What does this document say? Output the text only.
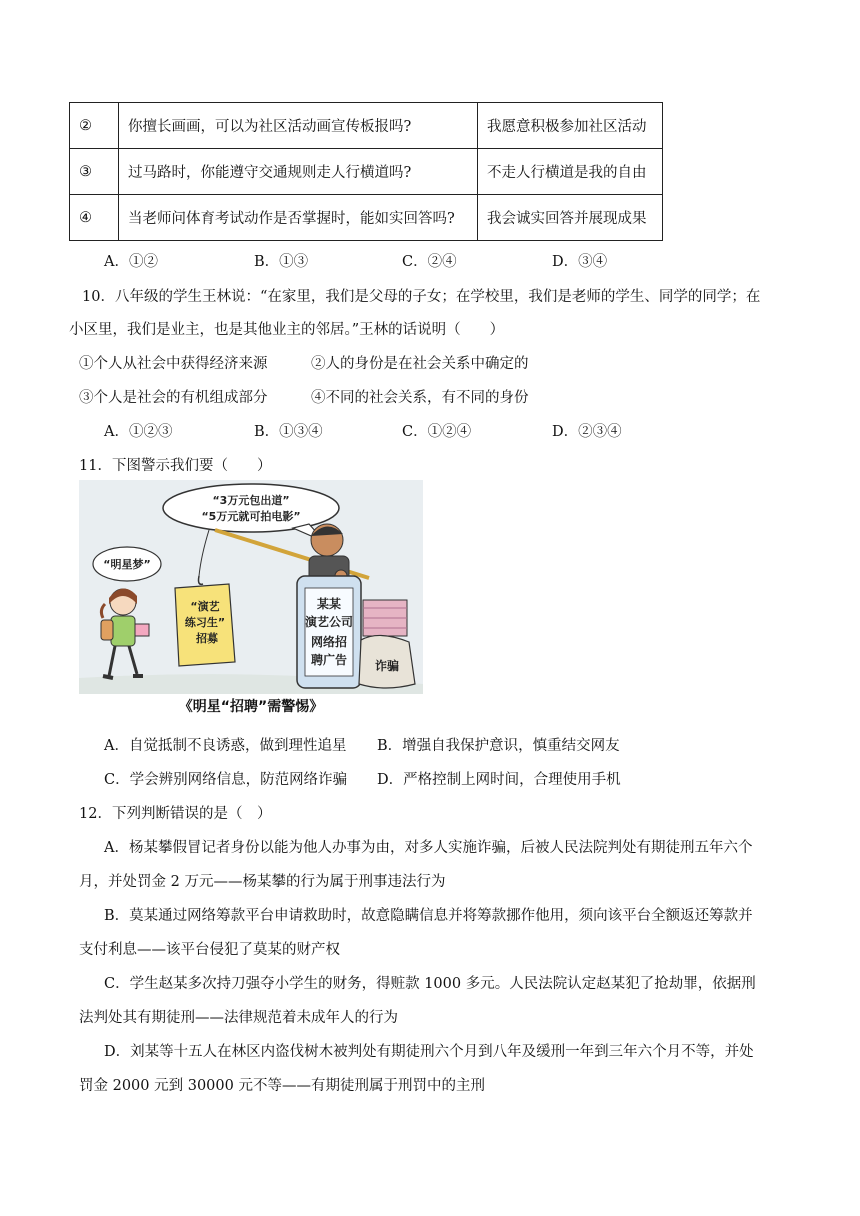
②	你擅长画画，可以为社区活动画宣传板报吗?	我愿意积极参加社区活动
③	过马路时，你能遵守交通规则走人行横道吗?	不走人行横道是我的自由
④	当老师问体育考试动作是否掌握时，能如实回答吗?	我会诚实回答并展现成果
A．①②	B．①③	C．②④	D．③④
10．八年级的学生王林说：“在家里，我们是父母的子女；在学校里，我们是老师的学生、同学的同学；在
小区里，我们是业主，也是其他业主的邻居。”王林的话说明（　　）
①个人从社会中获得经济来源	②人的身份是在社会关系中确定的
③个人是社会的有机组成部分	④不同的社会关系，有不同的身份
A．①②③	B．①③④	C．①②④	D．②③④
11．下图警示我们要（　　）
“3万元包出道”
“5万元就可拍电影”
“明星梦”
“演艺
练习生”
招募
某某
演艺公司
网络招
聘广告 诈骗
《明星“招聘”需警惕》
A．自觉抵制不良诱惑，做到理性追星 B．增强自我保护意识，慎重结交网友
C．学会辨别网络信息，防范网络诈骗 D．严格控制上网时间，合理使用手机
12．下列判断错误的是（　）
A．杨某攀假冒记者身份以能为他人办事为由，对多人实施诈骗，后被人民法院判处有期徒刑五年六个
月，并处罚金 2 万元——杨某攀的行为属于刑事违法行为
B．莫某通过网络筹款平台申请救助时，故意隐瞒信息并将筹款挪作他用，须向该平台全额返还筹款并
支付利息——该平台侵犯了莫某的财产权
C．学生赵某多次持刀强夺小学生的财务，得赃款 1000 多元。人民法院认定赵某犯了抢劫罪，依据刑
法判处其有期徒刑——法律规范着未成年人的行为
D．刘某等十五人在林区内盗伐树木被判处有期徒刑六个月到八年及缓刑一年到三年六个月不等，并处
罚金 2000 元到 30000 元不等——有期徒刑属于刑罚中的主刑
